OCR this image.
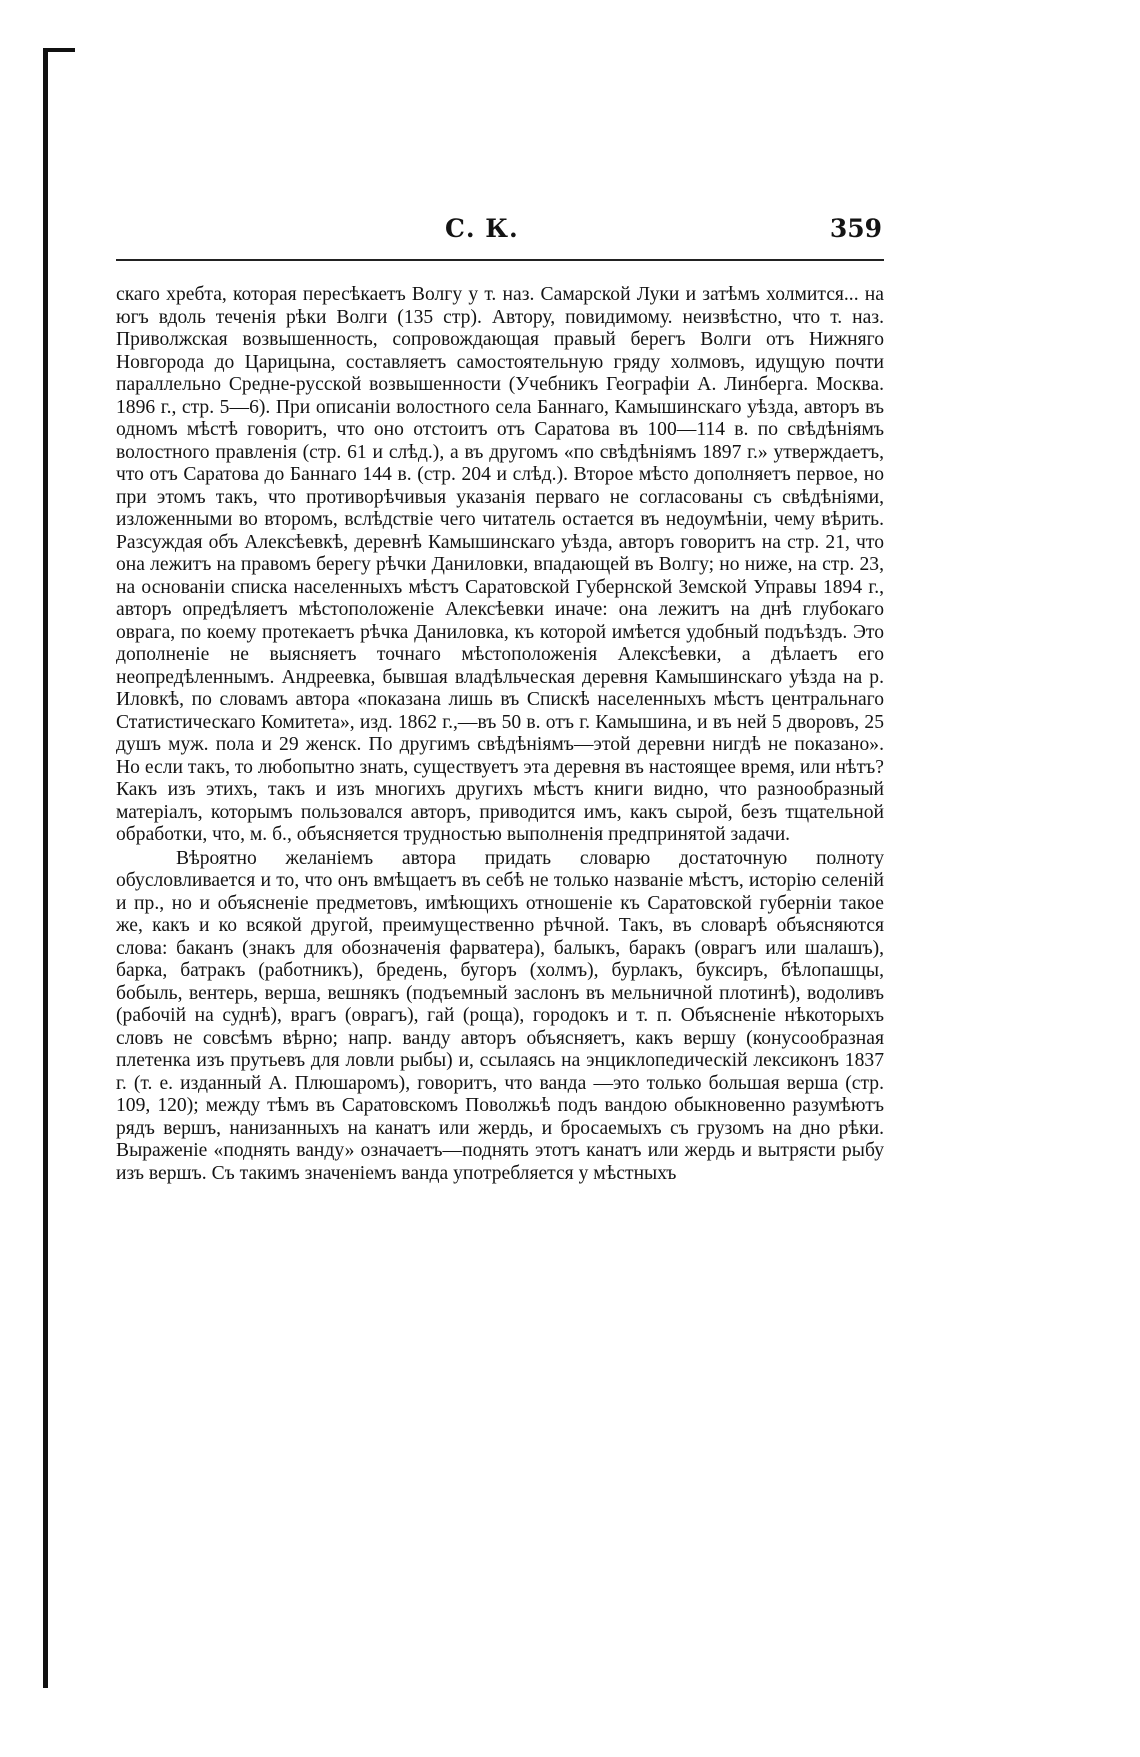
С. К.	359

скаго хребта, которая пересѣкаетъ Волгу у т. наз. Самарской Луки и затѣмъ холмится... на югъ вдоль теченія рѣки Волги (135 стр). Автору, повидимому. неизвѣстно, что т. наз. Приволжская возвышенность, сопровождающая правый берегъ Волги отъ Нижняго Новгорода до Царицына, составляетъ самостоятельную гряду холмовъ, идущую почти параллельно Средне-русской возвышенности (Учебникъ Географіи А. Линберга. Москва. 1896 г., стр. 5—6). При описаніи волостного села Баннаго, Камышинскаго уѣзда, авторъ въ одномъ мѣстѣ говоритъ, что оно отстоитъ отъ Саратова въ 100—114 в. по свѣдѣніямъ волостного правленія (стр. 61 и слѣд.), а въ другомъ «по свѣдѣніямъ 1897 г.» утверждаетъ, что отъ Саратова до Баннаго 144 в. (стр. 204 и слѣд.). Второе мѣсто дополняетъ первое, но при этомъ такъ, что противорѣчивыя указанія перваго не согласованы съ свѣдѣніями, изложенными во второмъ, вслѣдствіе чего читатель остается въ недоумѣніи, чему вѣрить. Разсуждая объ Алексѣевкѣ, деревнѣ Камышинскаго уѣзда, авторъ говоритъ на стр. 21, что она лежитъ на правомъ берегу рѣчки Даниловки, впадающей въ Волгу; но ниже, на стр. 23, на основаніи списка населенныхъ мѣстъ Саратовской Губернской Земской Управы 1894 г., авторъ опредѣляетъ мѣстоположеніе Алексѣевки иначе: она лежитъ на днѣ глубокаго оврага, по коему протекаетъ рѣчка Даниловка, къ которой имѣется удобный подъѣздъ. Это дополненіе не выясняетъ точнаго мѣстоположенія Алексѣевки, а дѣлаетъ его неопредѣленнымъ. Андреевка, бывшая владѣльческая деревня Камышинскаго уѣзда на р. Иловкѣ, по словамъ автора «показана лишь въ Спискѣ населенныхъ мѣстъ центральнаго Статистическаго Комитета», изд. 1862 г.,—въ 50 в. отъ г. Камышина, и въ ней 5 дворовъ, 25 душъ муж. пола и 29 женск. По другимъ свѣдѣніямъ—этой деревни нигдѣ не показано». Но если такъ, то любопытно знать, существуетъ эта деревня въ настоящее время, или нѣтъ? Какъ изъ этихъ, такъ и изъ многихъ другихъ мѣстъ книги видно, что разнообразный матеріалъ, которымъ пользовался авторъ, приводится имъ, какъ сырой, безъ тщательной обработки, что, м. б., объясняется трудностью выполненія предпринятой задачи.

Вѣроятно желаніемъ автора придать словарю достаточную полноту обусловливается и то, что онъ вмѣщаетъ въ себѣ не только названіе мѣстъ, исторію селеній и пр., но и объясненіе предметовъ, имѣющихъ отношеніе къ Саратовской губерніи такое же, какъ и ко всякой другой, преимущественно рѣчной. Такъ, въ словарѣ объясняются слова: баканъ (знакъ для обозначенія фарватера), балыкъ, баракъ (оврагъ или шалашъ), барка, батракъ (работникъ), бредень, бугоръ (холмъ), бурлакъ, буксиръ, бѣлопашцы, бобыль, вентерь, верша, вешнякъ (подъемный заслонъ въ мельничной плотинѣ), водоливъ (рабочій на суднѣ), врагъ (оврагъ), гай (роща), городокъ и т. п. Объясненіе нѣкоторыхъ словъ не совсѣмъ вѣрно; напр. ванду авторъ объясняетъ, какъ вершу (конусообразная плетенка изъ прутьевъ для ловли рыбы) и, ссылаясь на энциклопедическій лексиконъ 1837 г. (т. е. изданный А. Плюшаромъ), говоритъ, что ванда —это только большая верша (стр. 109, 120); между тѣмъ въ Саратовскомъ Поволжьѣ подъ вандою обыкновенно разумѣютъ рядъ вершъ, нанизанныхъ на канатъ или жердь, и бросаемыхъ съ грузомъ на дно рѣки. Выраженіе «поднять ванду» означаетъ—поднять этотъ канатъ или жердь и вытрясти рыбу изъ вершъ. Съ такимъ значеніемъ ванда употребляется у мѣстныхъ
